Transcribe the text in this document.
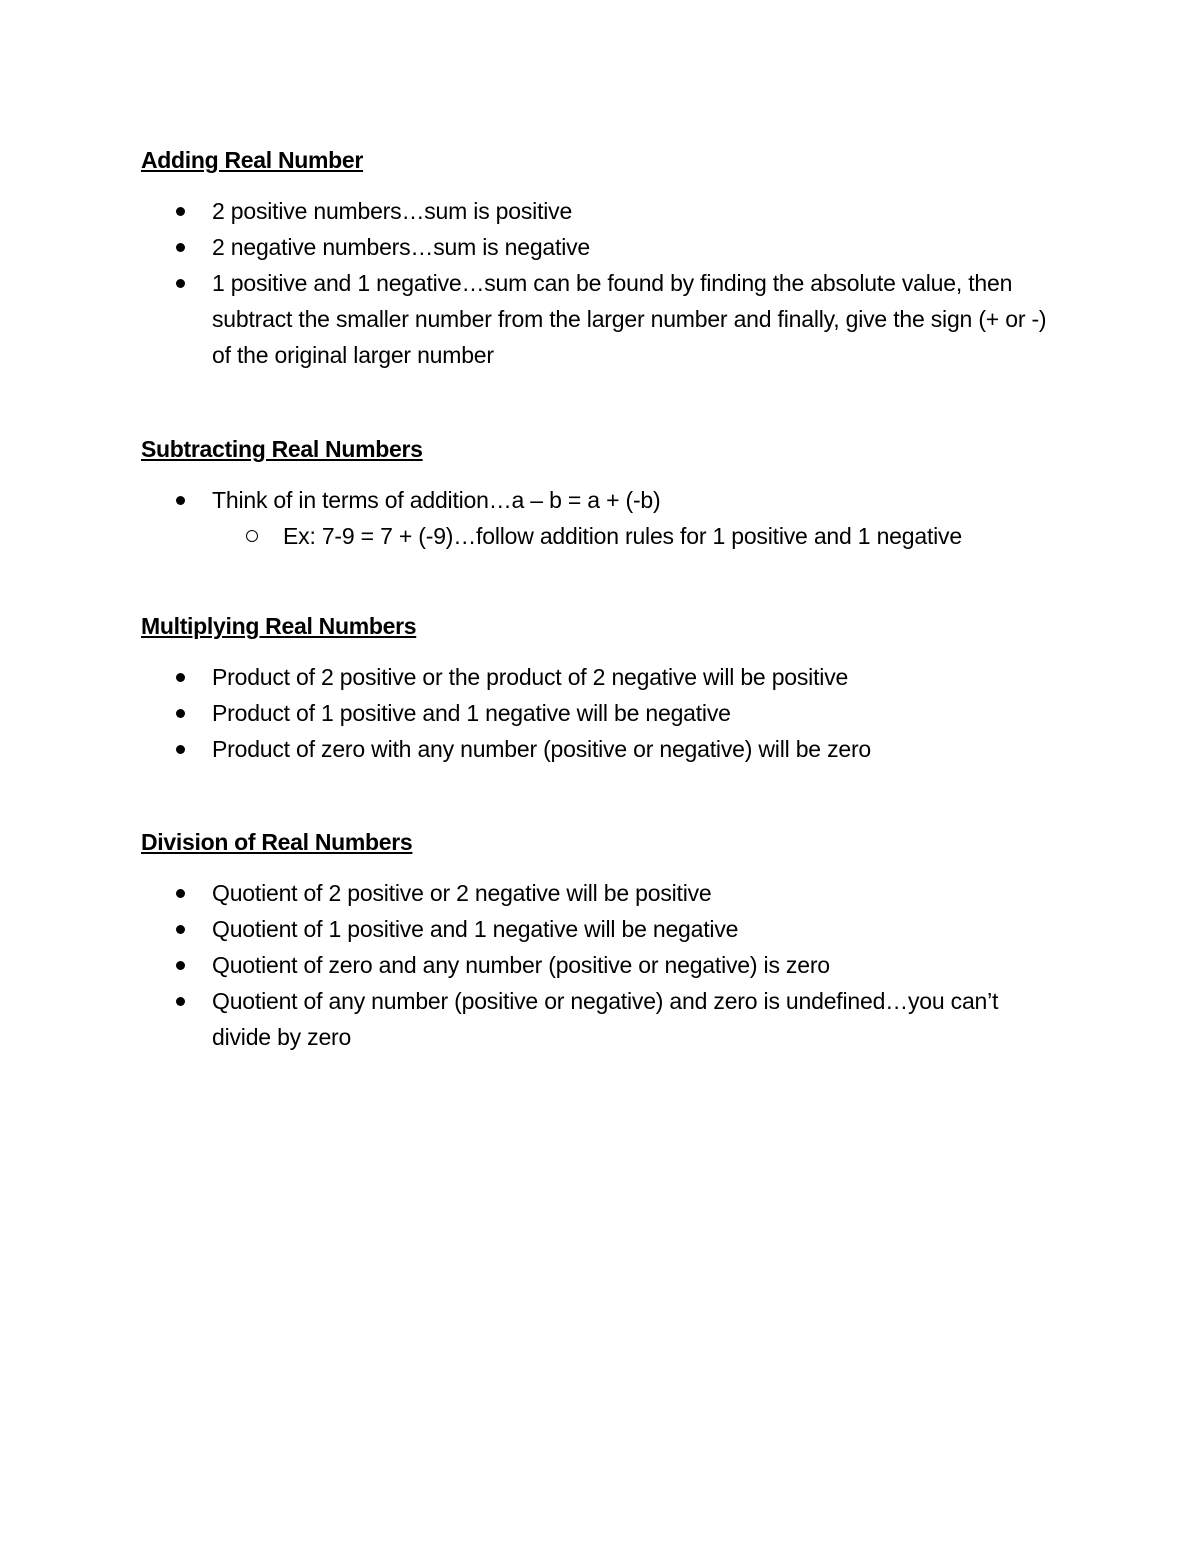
Adding Real Number

2 positive numbers…sum is positive
2 negative numbers…sum is negative
1 positive and 1 negative…sum can be found by finding the absolute value, then subtract the smaller number from the larger number and finally, give the sign (+ or -) of the original larger number

Subtracting Real Numbers

Think of in terms of addition…a – b = a + (-b)
Ex: 7-9 = 7 + (-9)…follow addition rules for 1 positive and 1 negative

Multiplying Real Numbers

Product of 2 positive or the product of 2 negative will be positive
Product of 1 positive and 1 negative will be negative
Product of zero with any number (positive or negative) will be zero

Division of Real Numbers

Quotient of 2 positive or 2 negative will be positive
Quotient of 1 positive and 1 negative will be negative
Quotient of zero and any number (positive or negative) is zero
Quotient of any number (positive or negative) and zero is undefined…you can’t divide by zero
